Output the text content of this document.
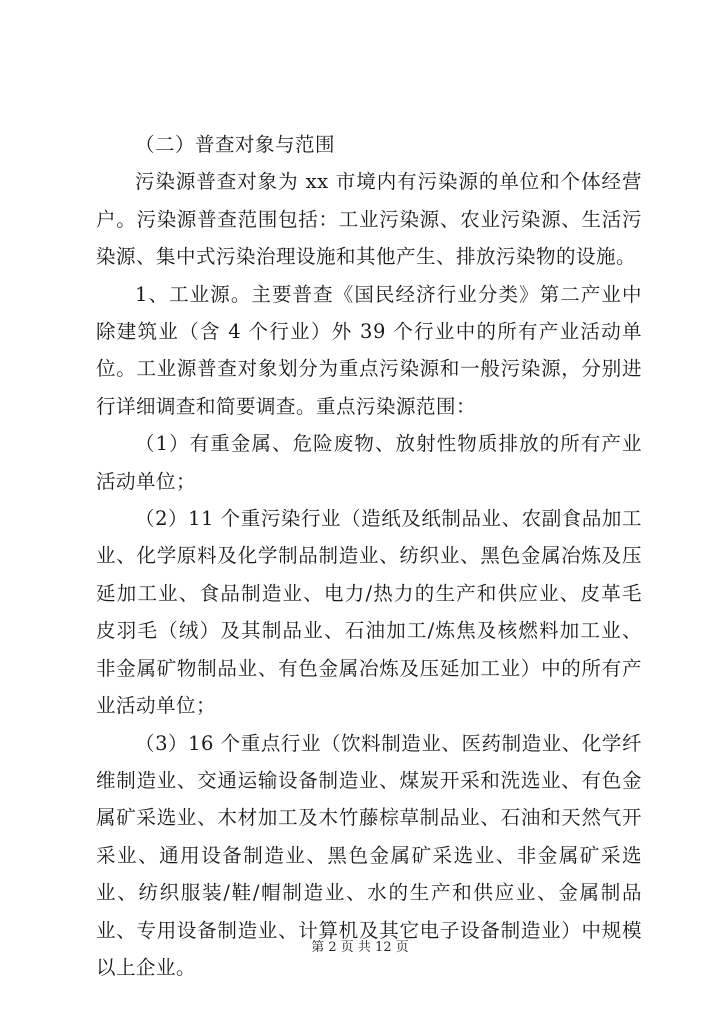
（二）普查对象与范围

污染源普查对象为 xx 市境内有污染源的单位和个体经营户。污染源普查范围包括：工业污染源、农业污染源、生活污染源、集中式污染治理设施和其他产生、排放污染物的设施。

1、工业源。主要普查《国民经济行业分类》第二产业中除建筑业（含 4 个行业）外 39 个行业中的所有产业活动单位。工业源普查对象划分为重点污染源和一般污染源，分别进行详细调查和简要调查。重点污染源范围：

（1）有重金属、危险废物、放射性物质排放的所有产业活动单位；

（2）11 个重污染行业（造纸及纸制品业、农副食品加工业、化学原料及化学制品制造业、纺织业、黑色金属冶炼及压延加工业、食品制造业、电力/热力的生产和供应业、皮革毛皮羽毛（绒）及其制品业、石油加工/炼焦及核燃料加工业、非金属矿物制品业、有色金属冶炼及压延加工业）中的所有产业活动单位；

（3）16 个重点行业（饮料制造业、医药制造业、化学纤维制造业、交通运输设备制造业、煤炭开采和洗选业、有色金属矿采选业、木材加工及木竹藤棕草制品业、石油和天然气开采业、通用设备制造业、黑色金属矿采选业、非金属矿采选业、纺织服装/鞋/帽制造业、水的生产和供应业、金属制品业、专用设备制造业、计算机及其它电子设备制造业）中规模以上企业。

第 2 页 共 12 页
